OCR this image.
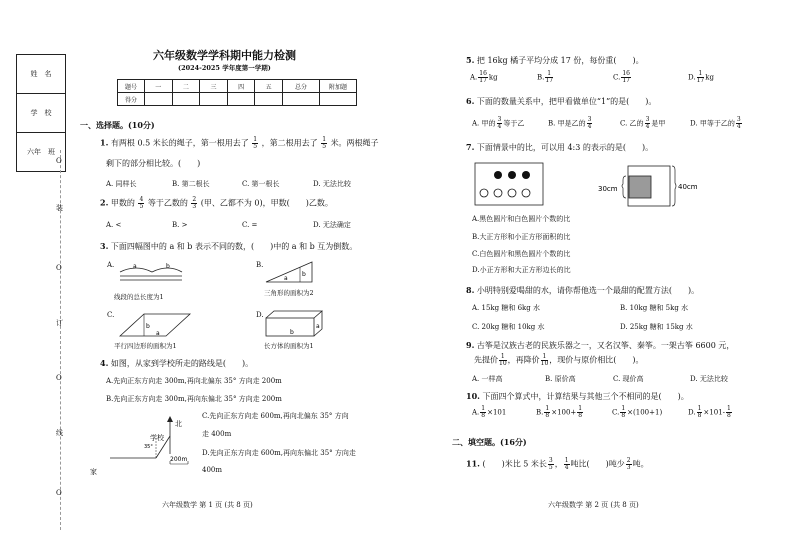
姓　名
学　校
六年　班
O
装
O
订
O
线
O
六年级数学学科期中能力检测
(2024-2025 学年度第一学期)
题号	一	二	三	四	五	总分	附加题
得分							
一、选择题。(10分)
1. 有两根 0.5 米长的绳子，第一根用去了 $\frac{1}{5}$ ，第二根用去了 $\frac{1}{5}$ 米。两根绳子
剩下的部分相比较。(　　)
A. 同样长	B. 第二根长	C. 第一根长	D. 无法比较
2. 甲数的 $\frac{4}{5}$ 等于乙数的 $\frac{2}{3}$ (甲、乙都不为 0)，甲数(　　)乙数。
A. <	B. >	C. =	D. 无法确定
3. 下面四幅图中的 a 和 b 表示不同的数，(　　)中的 a 和 b 互为倒数。
A.	a	b
线段的总长度为1
B.
a
b
三角形的面积为2
C.
b
a
平行四边形的面积为1
D.
a
b
长方体的面积为1
4. 如图，从家到学校所走的路线是(　　)。
A.先向正东方向走 300m,再向北偏东 35° 方向走 200m
B.先向正东方向走 300m,再向东偏北 35° 方向走 200m
C.先向正东方向走 600m,再向北偏东 35° 方向
走 400m
D.先向正东方向走 600m,再向东偏北 35° 方向走
400m
北
学校
35°
家
200m
六年级数学 第 1 页 (共 8 页)
5. 把 16kg 橘子平均分成 17 份，每份重(　　)。
A. $\frac{16}{17}$ kg	B. $\frac{1}{17}$	C. $\frac{16}{17}$	D. $\frac{1}{17}$ kg
6. 下面的数量关系中，把甲看做单位“1”的是(　　)。
A. 甲的 $\frac{3}{4}$ 等于乙	B. 甲是乙的 $\frac{3}{4}$	C. 乙的 $\frac{3}{4}$ 是甲	D. 甲等于乙的 $\frac{3}{4}$
7. 下面情景中的比，可以用 4:3 的表示的是(　　)。
30cm	40cm
A.黑色圆片和白色圆片个数的比
B.大正方形和小正方形面积的比
C.白色圆片和黑色圆片个数的比
D.小正方形和大正方形边长的比
8. 小明特别爱喝甜的水，请你帮他选一个最甜的配置方法(　　)。
A. 15kg 糖和 6kg 水	B. 10kg 糖和 5kg 水
C. 20kg 糖和 10kg 水	D. 25kg 糖和 15kg 水
9. 古筝是汉族古老的民族乐器之一，又名汉筝、秦筝。一架古筝 6600 元，
先提价 $\frac{1}{10}$ ，再降价 $\frac{1}{10}$ ，现价与原价相比(　　)。
A. 一样高	B. 原价高	C. 现价高	D. 无法比较
10. 下面四个算式中，计算结果与其他三个不相同的是(　　)。
A. $\frac{1}{8} \times 101$	B. $\frac{1}{8} \times 100+ \frac{1}{8}$	C. $\frac{1}{8} \times(100+1)$	D. $\frac{1}{8} \times 101- \frac{1}{8}$
二、填空题。(16分)
11. (　　)米比 5 米长 $\frac{3}{5}$ ， $\frac{1}{4}$ 吨比(　　)吨少 $\frac{2}{3}$ 吨。
六年级数学 第 2 页 (共 8 页)
